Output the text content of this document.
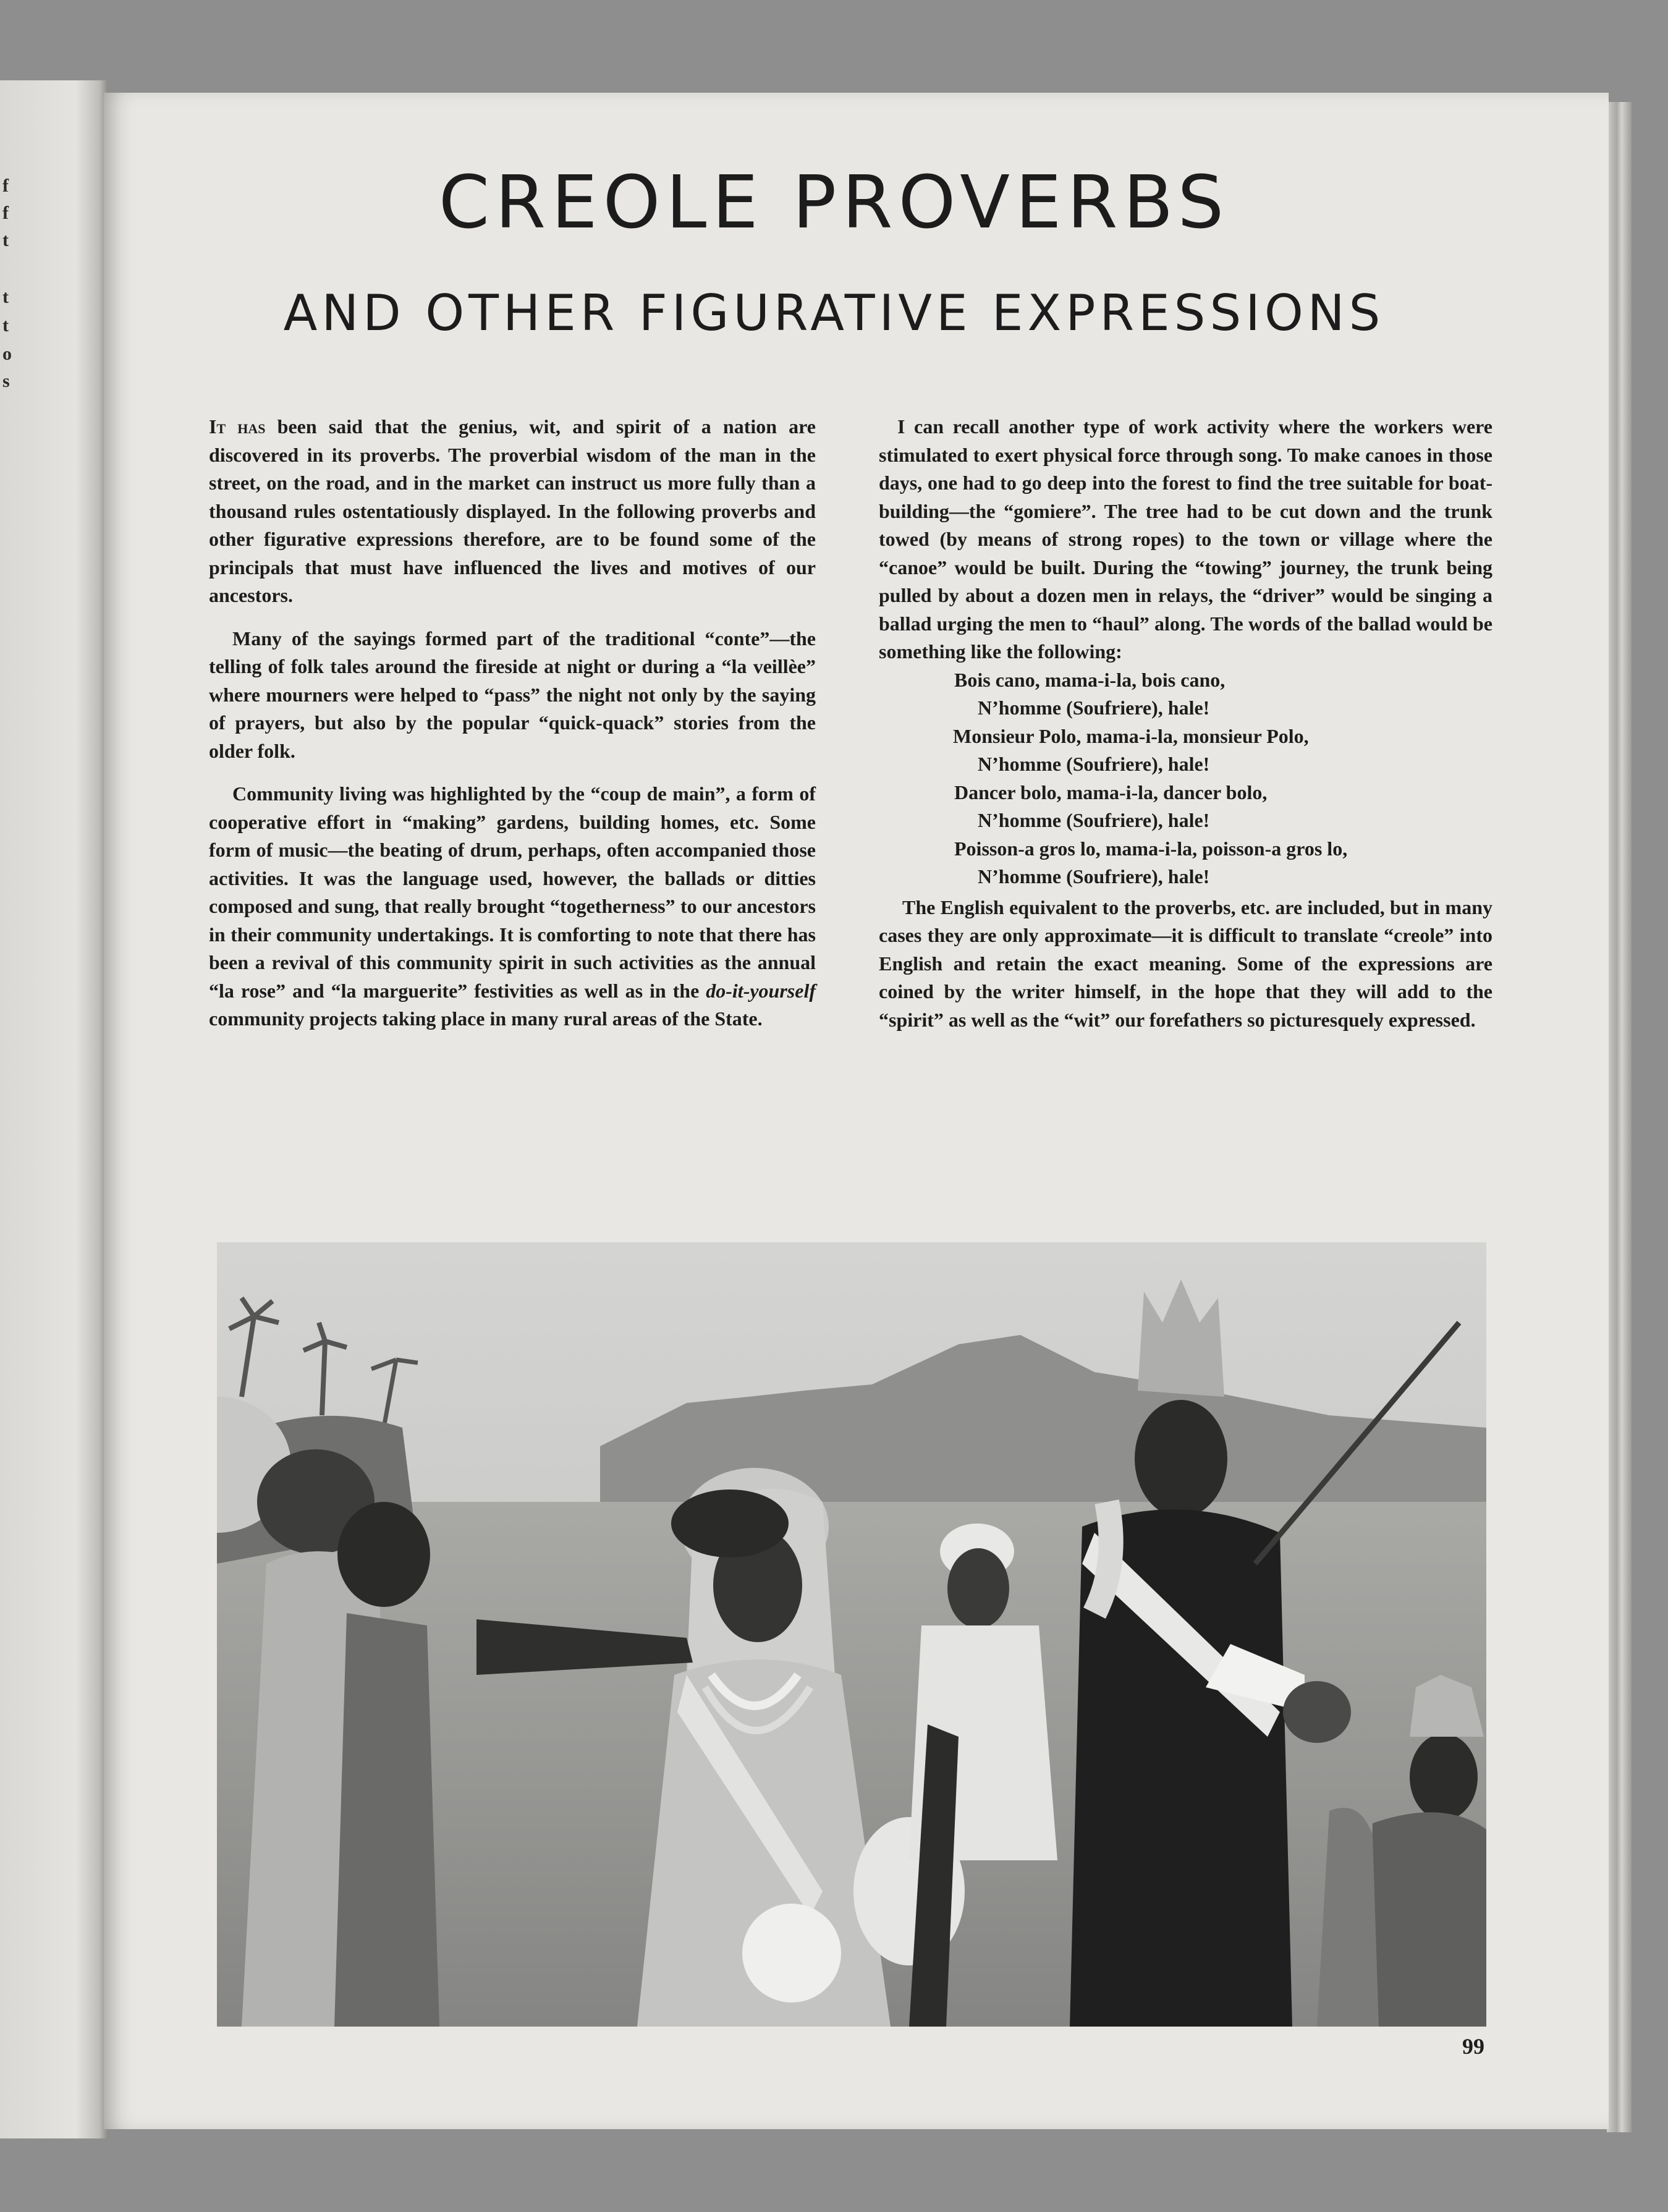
f
f
t
t
t
o
s
CREOLE PROVERBS
AND OTHER FIGURATIVE EXPRESSIONS

It has been said that the genius, wit, and spirit of a nation are discovered in its proverbs. The proverbial wisdom of the man in the street, on the road, and in the market can instruct us more fully than a thousand rules ostentatiously displayed. In the following proverbs and other figurative expressions therefore, are to be found some of the principals that must have influenced the lives and motives of our ancestors.

Many of the sayings formed part of the traditional “conte”—the telling of folk tales around the fireside at night or during a “la veillèe” where mourners were helped to “pass” the night not only by the saying of prayers, but also by the popular “quick-quack” stories from the older folk.

Community living was highlighted by the “coup de main”, a form of cooperative effort in “making” gardens, building homes, etc. Some form of music—the beating of drum, perhaps, often accompanied those activities. It was the language used, however, the ballads or ditties composed and sung, that really brought “togetherness” to our ancestors in their community undertakings. It is comforting to note that there has been a revival of this community spirit in such activities as the annual “la rose” and “la marguerite” festivities as well as in the do-it-yourself community projects taking place in many rural areas of the State.

I can recall another type of work activity where the workers were stimulated to exert physical force through song. To make canoes in those days, one had to go deep into the forest to find the tree suitable for boat-building—the “gomiere”. The tree had to be cut down and the trunk towed (by means of strong ropes) to the town or village where the “canoe” would be built. During the “towing” journey, the trunk being pulled by about a dozen men in relays, the “driver” would be singing a ballad urging the men to “haul” along. The words of the ballad would be something like the following:

Bois cano, mama-i-la, bois cano,
N’homme (Soufriere), hale!
Monsieur Polo, mama-i-la, monsieur Polo,
N’homme (Soufriere), hale!
Dancer bolo, mama-i-la, dancer bolo,
N’homme (Soufriere), hale!
Poisson-a gros lo, mama-i-la, poisson-a gros lo,
N’homme (Soufriere), hale!

The English equivalent to the proverbs, etc. are included, but in many cases they are only approximate—it is difficult to translate “creole” into English and retain the exact meaning. Some of the expressions are coined by the writer himself, in the hope that they will add to the “spirit” as well as the “wit” our forefathers so picturesquely expressed.

99
